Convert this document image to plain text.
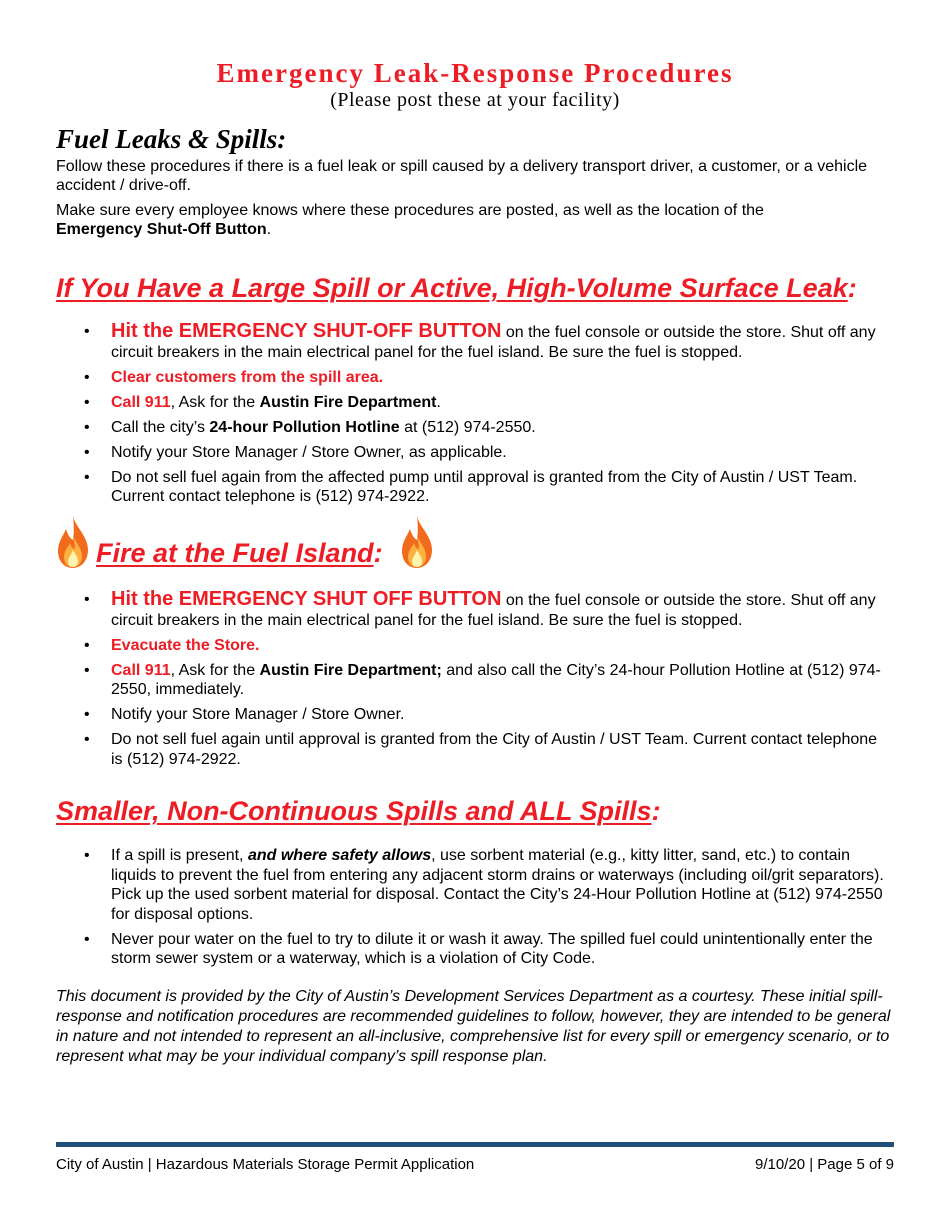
Emergency Leak-Response Procedures

(Please post these at your facility)

Fuel Leaks & Spills:

Follow these procedures if there is a fuel leak or spill caused by a delivery transport driver, a customer, or a vehicle accident / drive-off.

Make sure every employee knows where these procedures are posted, as well as the location of the
Emergency Shut-Off Button.

If You Have a Large Spill or Active, High-Volume Surface Leak:
• Hit the EMERGENCY SHUT-OFF BUTTON on the fuel console or outside the store. Shut off any circuit breakers in the main electrical panel for the fuel island. Be sure the fuel is stopped.
• Clear customers from the spill area.
• Call 911, Ask for the Austin Fire Department.
• Call the city’s 24-hour Pollution Hotline at (512) 974-2550.
• Notify your Store Manager / Store Owner, as applicable.
• Do not sell fuel again from the affected pump until approval is granted from the City of Austin / UST Team. Current contact telephone is (512) 974-2922.
Fire at the Fuel Island:
• Hit the EMERGENCY SHUT OFF BUTTON on the fuel console or outside the store. Shut off any circuit breakers in the main electrical panel for the fuel island. Be sure the fuel is stopped.
• Evacuate the Store.
• Call 911, Ask for the Austin Fire Department; and also call the City’s 24-hour Pollution Hotline at (512) 974-2550, immediately.
• Notify your Store Manager / Store Owner.
• Do not sell fuel again until approval is granted from the City of Austin / UST Team. Current contact telephone is (512) 974-2922.
Smaller, Non-Continuous Spills and ALL Spills:
• If a spill is present, and where safety allows, use sorbent material (e.g., kitty litter, sand, etc.) to contain liquids to prevent the fuel from entering any adjacent storm drains or waterways (including oil/grit separators). Pick up the used sorbent material for disposal. Contact the City’s 24-Hour Pollution Hotline at (512) 974-2550 for disposal options.
• Never pour water on the fuel to try to dilute it or wash it away. The spilled fuel could unintentionally enter the storm sewer system or a waterway, which is a violation of City Code.

This document is provided by the City of Austin’s Development Services Department as a courtesy. These initial spill-response and notification procedures are recommended guidelines to follow, however, they are intended to be general in nature and not intended to represent an all-inclusive, comprehensive list for every spill or emergency scenario, or to represent what may be your individual company’s spill response plan.

City of Austin | Hazardous Materials Storage Permit Application	9/10/20 | Page 5 of 9
